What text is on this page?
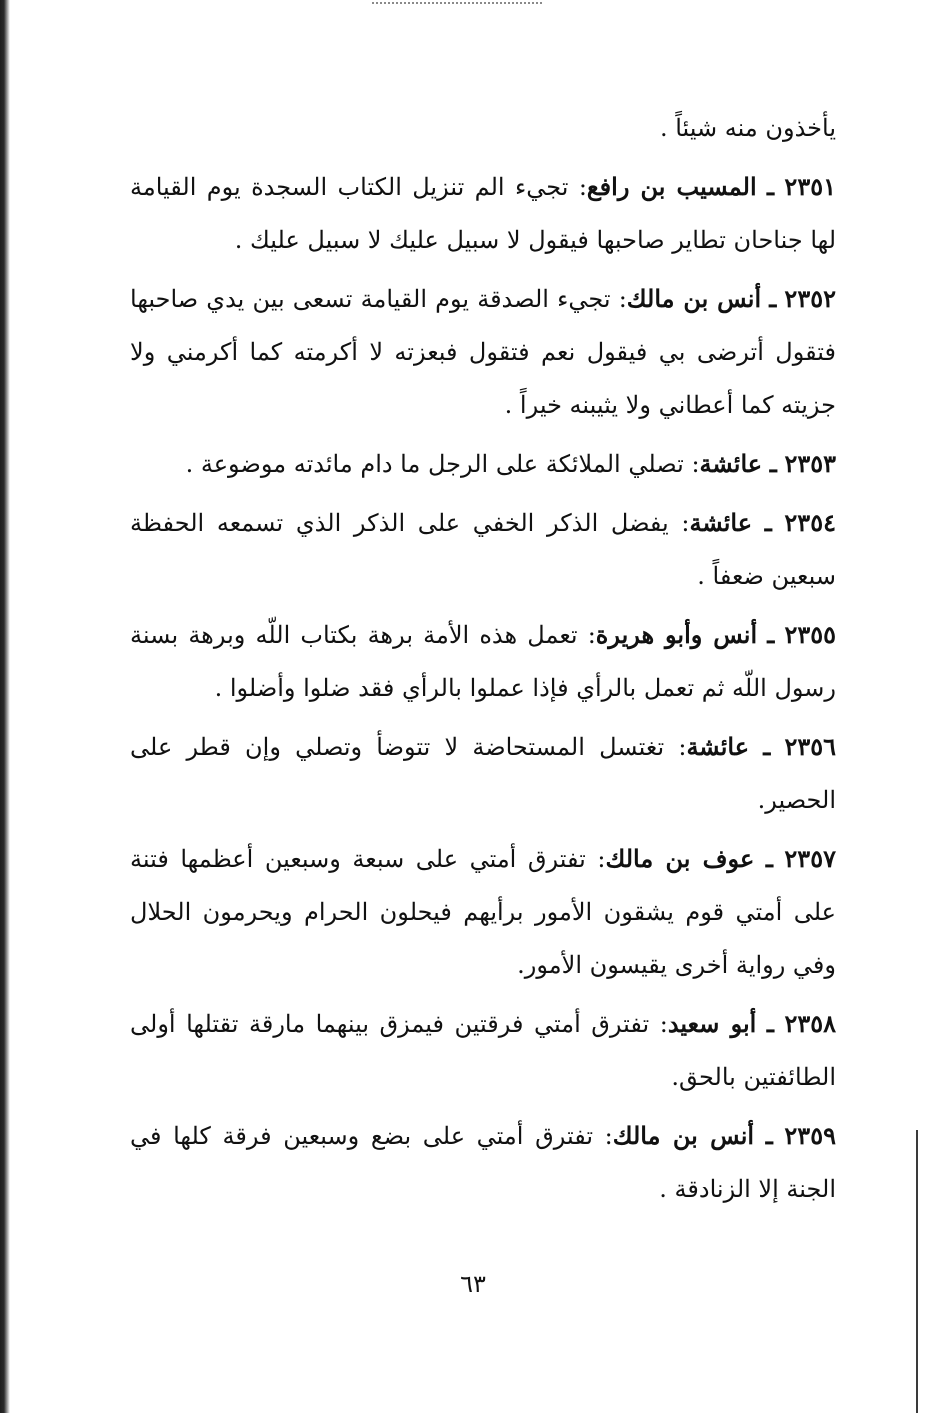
يأخذون منه شيئاً .

٢٣٥١ ـ المسيب بن رافع: تجيء الم تنزيل الكتاب السجدة يوم القيامة لها جناحان تطاير صاحبها فيقول لا سبيل عليك لا سبيل عليك .

٢٣٥٢ ـ أنس بن مالك: تجيء الصدقة يوم القيامة تسعى بين يدي صاحبها فتقول أترضى بي فيقول نعم فتقول فبعزته لا أكرمته كما أكرمني ولا جزيته كما أعطاني ولا يثيبنه خيراً .

٢٣٥٣ ـ عائشة: تصلي الملائكة على الرجل ما دام مائدته موضوعة .

٢٣٥٤ ـ عائشة: يفضل الذكر الخفي على الذكر الذي تسمعه الحفظة سبعين ضعفاً .

٢٣٥٥ ـ أنس وأبو هريرة: تعمل هذه الأمة برهة بكتاب اللّه وبرهة بسنة رسول اللّه ثم تعمل بالرأي فإذا عملوا بالرأي فقد ضلوا وأضلوا .

٢٣٥٦ ـ عائشة: تغتسل المستحاضة لا تتوضأ وتصلي وإن قطر على الحصير.

٢٣٥٧ ـ عوف بن مالك: تفترق أمتي على سبعة وسبعين أعظمها فتنة على أمتي قوم يشقون الأمور برأيهم فيحلون الحرام ويحرمون الحلال وفي رواية أخرى يقيسون الأمور.

٢٣٥٨ ـ أبو سعيد: تفترق أمتي فرقتين فيمزق بينهما مارقة تقتلها أولى الطائفتين بالحق.

٢٣٥٩ ـ أنس بن مالك: تفترق أمتي على بضع وسبعين فرقة كلها في الجنة إلا الزنادقة .

٦٣
